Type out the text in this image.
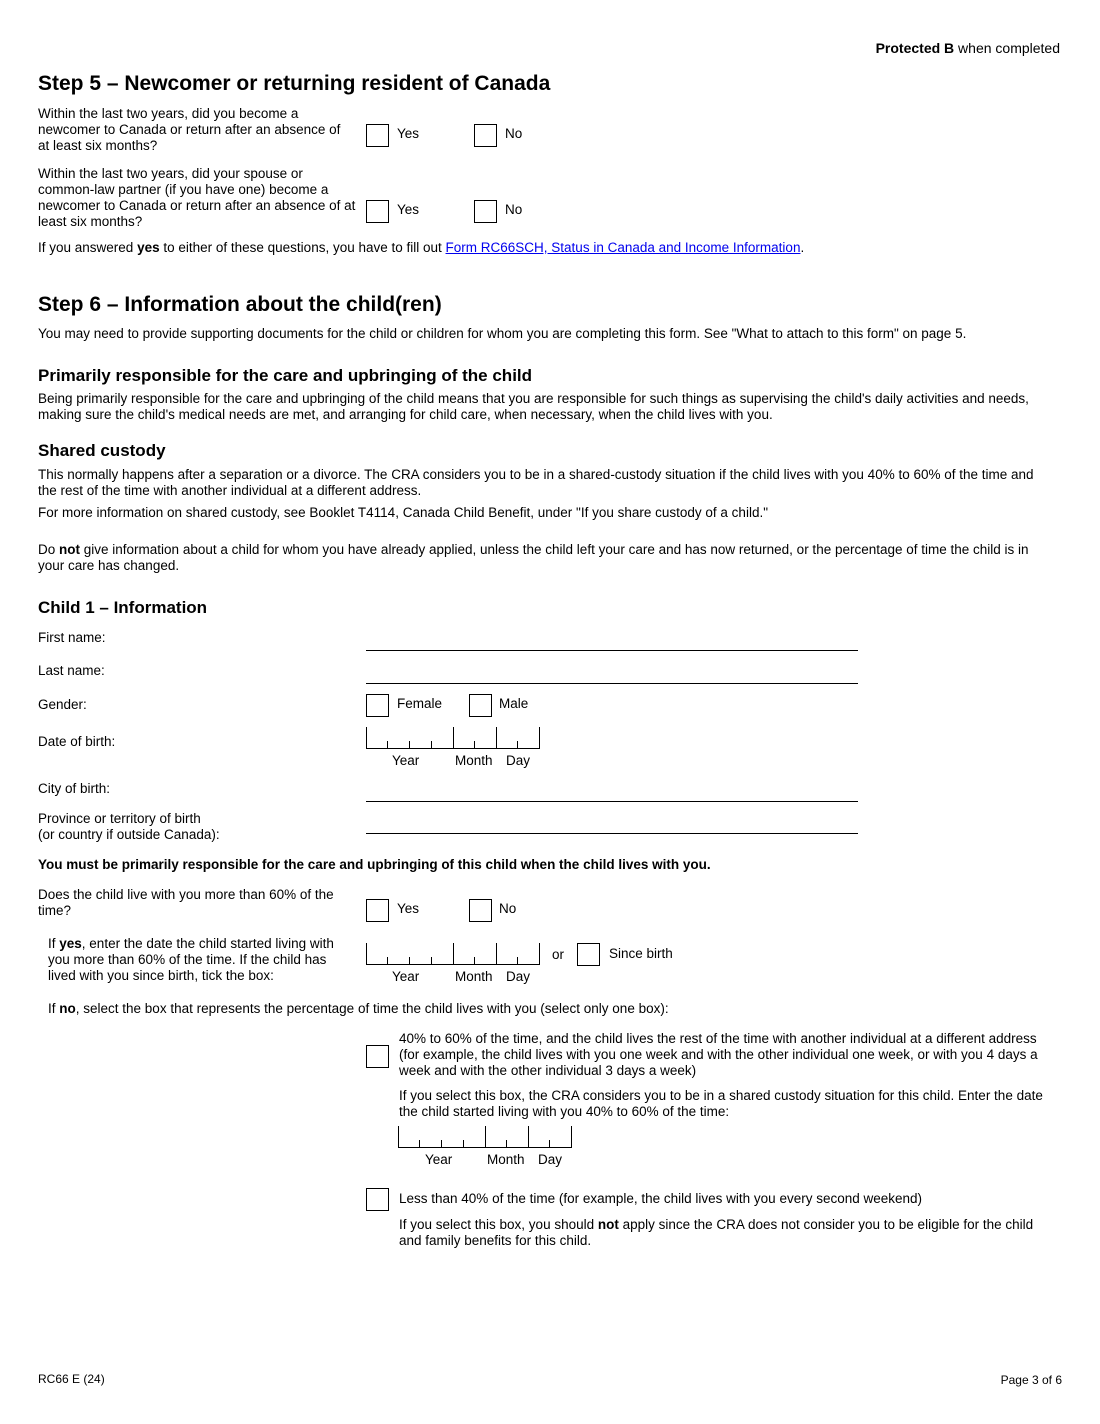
Protected B when completed
Step 5 – Newcomer or returning resident of Canada
Within the last two years, did you become a newcomer to Canada or return after an absence of at least six months?
Yes	No
Within the last two years, did your spouse or common-law partner (if you have one) become a newcomer to Canada or return after an absence of at least six months?
Yes	No
If you answered yes to either of these questions, you have to fill out Form RC66SCH, Status in Canada and Income Information.
Step 6 – Information about the child(ren)
You may need to provide supporting documents for the child or children for whom you are completing this form. See "What to attach to this form" on page 5.
Primarily responsible for the care and upbringing of the child
Being primarily responsible for the care and upbringing of the child means that you are responsible for such things as supervising the child's daily activities and needs, making sure the child's medical needs are met, and arranging for child care, when necessary, when the child lives with you.
Shared custody
This normally happens after a separation or a divorce. The CRA considers you to be in a shared-custody situation if the child lives with you 40% to 60% of the time and the rest of the time with another individual at a different address.
For more information on shared custody, see Booklet T4114, Canada Child Benefit, under "If you share custody of a child."
Do not give information about a child for whom you have already applied, unless the child left your care and has now returned, or the percentage of time the child is in your care has changed.
Child 1 – Information
First name:
Last name:
Gender:	Female	Male
Date of birth:
Year	Month Day
City of birth:
Province or territory of birth
(or country if outside Canada):
You must be primarily responsible for the care and upbringing of this child when the child lives with you.
Does the child live with you more than 60% of the time?	Yes	No
If yes, enter the date the child started living with you more than 60% of the time. If the child has lived with you since birth, tick the box:	Year	Month Day
or	Since birth
If no, select the box that represents the percentage of time the child lives with you (select only one box):
40% to 60% of the time, and the child lives the rest of the time with another individual at a different address (for example, the child lives with you one week and with the other individual one week, or with you 4 days a week and with the other individual 3 days a week)
If you select this box, the CRA considers you to be in a shared custody situation for this child. Enter the date the child started living with you 40% to 60% of the time:
Year	Month Day
Less than 40% of the time (for example, the child lives with you every second weekend)
If you select this box, you should not apply since the CRA does not consider you to be eligible for the child and family benefits for this child.
RC66 E (24)	Page 3 of 6
